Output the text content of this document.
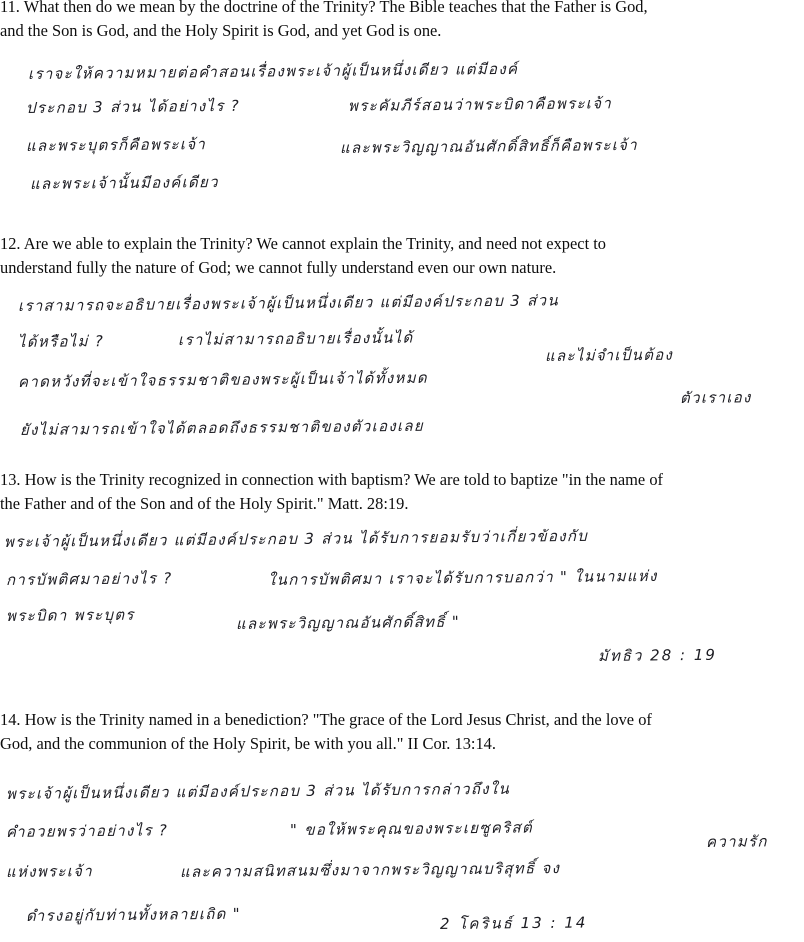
11. What then do we mean by the doctrine of the Trinity? The Bible teaches that the Father is God,
and the Son is God, and the Holy Spirit is God, and yet God is one.
เราจะให้ความหมายต่อคำสอนเรื่องพระเจ้าผู้เป็นหนึ่งเดียว แต่มีองค์
ประกอบ 3 ส่วน ได้อย่างไร ?	พระคัมภีร์สอนว่าพระบิดาคือพระเจ้า
และพระบุตรก็คือพระเจ้า	และพระวิญญาณอันศักดิ์สิทธิ์ก็คือพระเจ้า
และพระเจ้านั้นมีองค์เดียว
12. Are we able to explain the Trinity? We cannot explain the Trinity, and need not expect to
understand fully the nature of God; we cannot fully understand even our own nature.
เราสามารถจะอธิบายเรื่องพระเจ้าผู้เป็นหนึ่งเดียว แต่มีองค์ประกอบ 3 ส่วน
ได้หรือไม่ ?	เราไม่สามารถอธิบายเรื่องนั้นได้
และไม่จำเป็นต้อง
คาดหวังที่จะเข้าใจธรรมชาติของพระผู้เป็นเจ้าได้ทั้งหมด
ตัวเราเอง
ยังไม่สามารถเข้าใจได้ตลอดถึงธรรมชาติของตัวเองเลย
13. How is the Trinity recognized in connection with baptism? We are told to baptize "in the name of
the Father and of the Son and of the Holy Spirit." Matt. 28:19.
พระเจ้าผู้เป็นหนึ่งเดียว แต่มีองค์ประกอบ 3 ส่วน ได้รับการยอมรับว่าเกี่ยวข้องกับ
การบัพติศมาอย่างไร ?	ในการบัพติศมา เราจะได้รับการบอกว่า " ในนามแห่ง
พระบิดา พระบุตร	และพระวิญญาณอันศักดิ์สิทธิ์ "
มัทธิว 28 : 19
14. How is the Trinity named in a benediction? "The grace of the Lord Jesus Christ, and the love of
God, and the communion of the Holy Spirit, be with you all." II Cor. 13:14.
พระเจ้าผู้เป็นหนึ่งเดียว แต่มีองค์ประกอบ 3 ส่วน ได้รับการกล่าวถึงใน
คำอวยพรว่าอย่างไร ?	" ขอให้พระคุณของพระเยซูคริสต์
ความรัก
แห่งพระเจ้า	และความสนิทสนมซึ่งมาจากพระวิญญาณบริสุทธิ์ จง
ดำรงอยู่กับท่านทั้งหลายเถิด "	2 โครินธ์ 13 : 14
